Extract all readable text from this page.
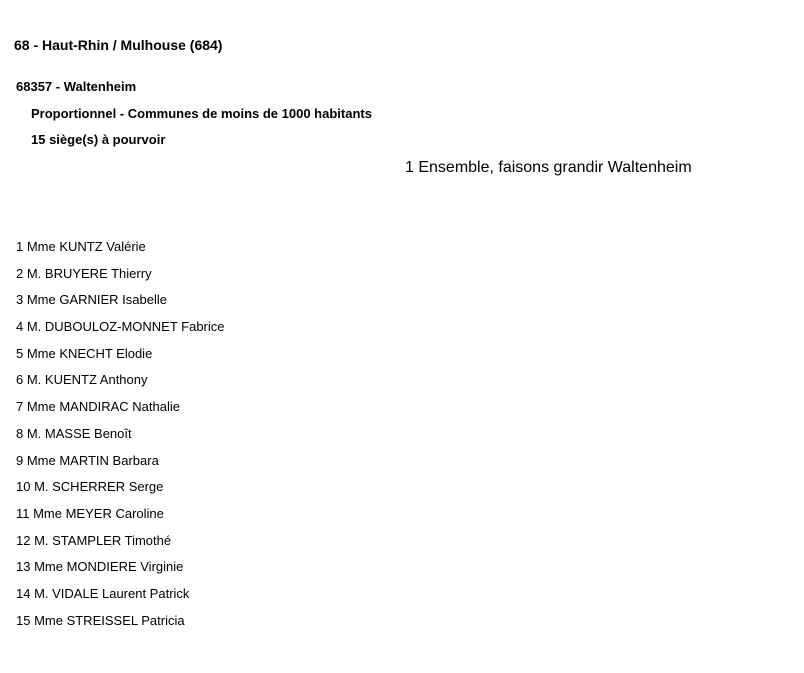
68 - Haut-Rhin / Mulhouse (684)
68357 - Waltenheim
Proportionnel - Communes de moins de 1000 habitants
15 siège(s) à pourvoir
1 Ensemble, faisons grandir Waltenheim
1 Mme KUNTZ Valérie
2 M. BRUYERE Thierry
3 Mme GARNIER Isabelle
4 M. DUBOULOZ-MONNET Fabrice
5 Mme KNECHT Elodie
6 M. KUENTZ Anthony
7 Mme MANDIRAC Nathalie
8 M. MASSE Benoît
9 Mme MARTIN Barbara
10 M. SCHERRER Serge
11 Mme MEYER Caroline
12 M. STAMPLER Timothé
13 Mme MONDIERE Virginie
14 M. VIDALE Laurent Patrick
15 Mme STREISSEL Patricia
